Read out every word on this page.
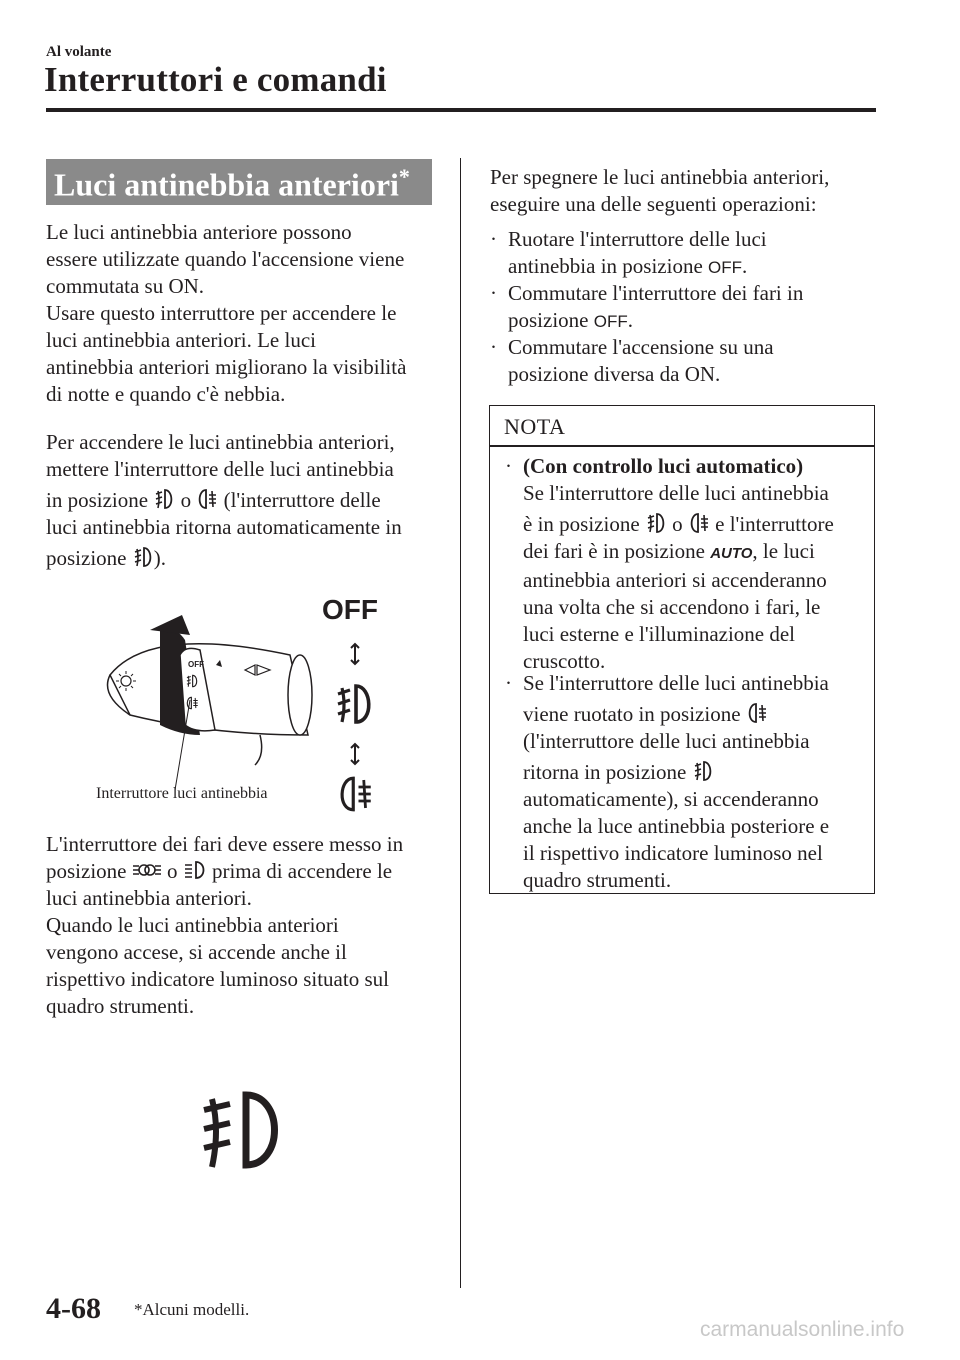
Al volante
Interruttori e comandi
Luci antinebbia anteriori*
Le luci antinebbia anteriore possono
essere utilizzate quando l'accensione viene
commutata su ON.
Usare questo interruttore per accendere le
luci antinebbia anteriori. Le luci
antinebbia anteriori migliorano la visibilità
di notte e quando c'è nebbia.
Per accendere le luci antinebbia anteriori,
mettere l'interruttore delle luci antinebbia
in posizione  o  (l'interruttore delle
luci antinebbia ritorna automaticamente in
posizione ).
OFF
Interruttore luci antinebbia
OFF
L'interruttore dei fari deve essere messo in
posizione  o  prima di accendere le
luci antinebbia anteriori.
Quando le luci antinebbia anteriori
vengono accese, si accende anche il
rispettivo indicatore luminoso situato sul
quadro strumenti.
Per spegnere le luci antinebbia anteriori,
eseguire una delle seguenti operazioni:
· Ruotare l'interruttore delle luci
antinebbia in posizione OFF.
· Commutare l'interruttore dei fari in
posizione OFF.
· Commutare l'accensione su una
posizione diversa da ON.
NOTA
· (Con controllo luci automatico)
Se l'interruttore delle luci antinebbia
è in posizione  o  e l'interruttore
dei fari è in posizione AUTO, le luci
antinebbia anteriori si accenderanno
una volta che si accendono i fari, le
luci esterne e l'illuminazione del
cruscotto.
· Se l'interruttore delle luci antinebbia
viene ruotato in posizione
(l'interruttore delle luci antinebbia
ritorna in posizione
automaticamente), si accenderanno
anche la luce antinebbia posteriore e
il rispettivo indicatore luminoso nel
quadro strumenti.
4-68 *Alcuni modelli.
carmanualsonline.info
